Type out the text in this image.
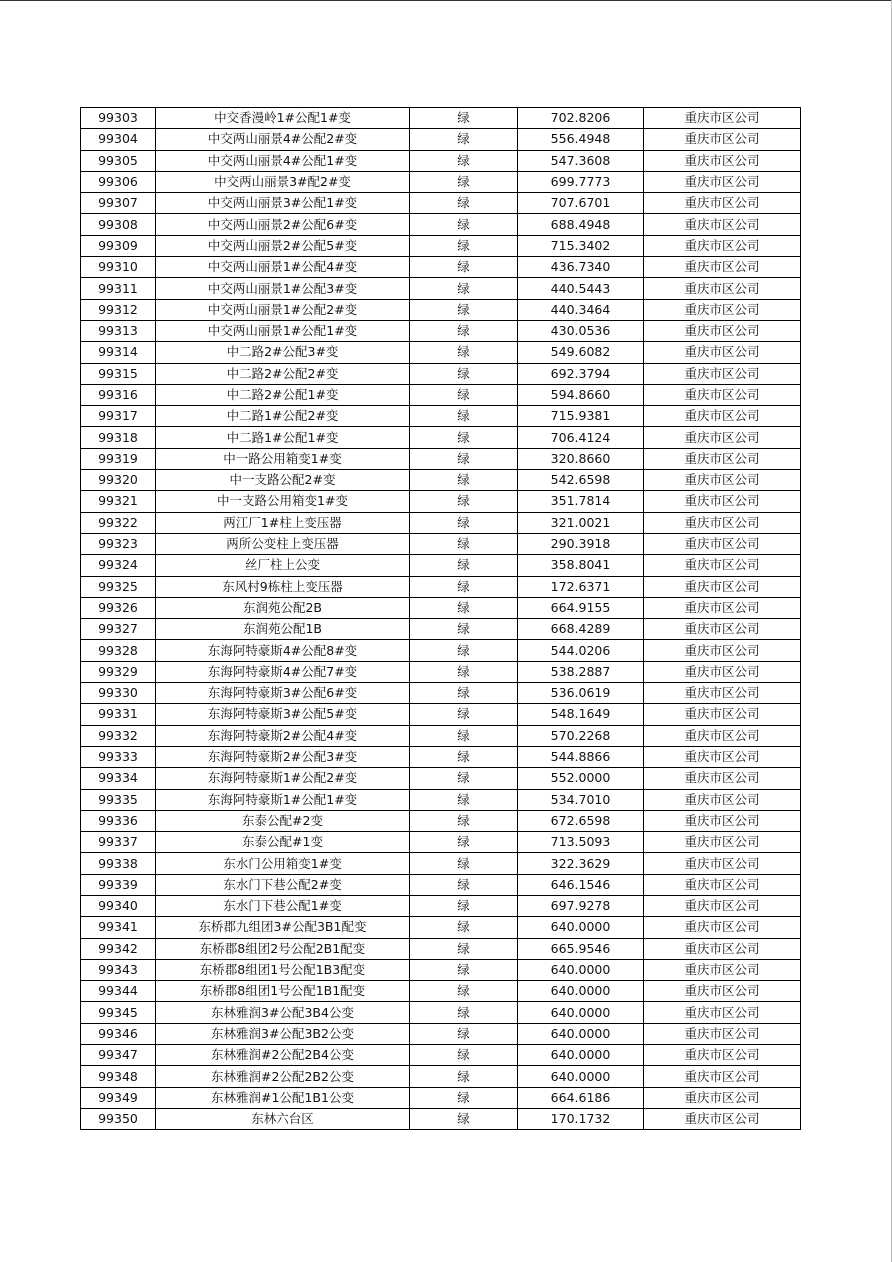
99303	中交香漫岭1#公配1#变	绿	702.8206	重庆市区公司
99304	中交两山丽景4#公配2#变	绿	556.4948	重庆市区公司
99305	中交两山丽景4#公配1#变	绿	547.3608	重庆市区公司
99306	中交两山丽景3#配2#变	绿	699.7773	重庆市区公司
99307	中交两山丽景3#公配1#变	绿	707.6701	重庆市区公司
99308	中交两山丽景2#公配6#变	绿	688.4948	重庆市区公司
99309	中交两山丽景2#公配5#变	绿	715.3402	重庆市区公司
99310	中交两山丽景1#公配4#变	绿	436.7340	重庆市区公司
99311	中交两山丽景1#公配3#变	绿	440.5443	重庆市区公司
99312	中交两山丽景1#公配2#变	绿	440.3464	重庆市区公司
99313	中交两山丽景1#公配1#变	绿	430.0536	重庆市区公司
99314	中二路2#公配3#变	绿	549.6082	重庆市区公司
99315	中二路2#公配2#变	绿	692.3794	重庆市区公司
99316	中二路2#公配1#变	绿	594.8660	重庆市区公司
99317	中二路1#公配2#变	绿	715.9381	重庆市区公司
99318	中二路1#公配1#变	绿	706.4124	重庆市区公司
99319	中一路公用箱变1#变	绿	320.8660	重庆市区公司
99320	中一支路公配2#变	绿	542.6598	重庆市区公司
99321	中一支路公用箱变1#变	绿	351.7814	重庆市区公司
99322	两江厂1#柱上变压器	绿	321.0021	重庆市区公司
99323	两所公变柱上变压器	绿	290.3918	重庆市区公司
99324	丝厂柱上公变	绿	358.8041	重庆市区公司
99325	东风村9栋柱上变压器	绿	172.6371	重庆市区公司
99326	东润苑公配2B	绿	664.9155	重庆市区公司
99327	东润苑公配1B	绿	668.4289	重庆市区公司
99328	东海阿特豪斯4#公配8#变	绿	544.0206	重庆市区公司
99329	东海阿特豪斯4#公配7#变	绿	538.2887	重庆市区公司
99330	东海阿特豪斯3#公配6#变	绿	536.0619	重庆市区公司
99331	东海阿特豪斯3#公配5#变	绿	548.1649	重庆市区公司
99332	东海阿特豪斯2#公配4#变	绿	570.2268	重庆市区公司
99333	东海阿特豪斯2#公配3#变	绿	544.8866	重庆市区公司
99334	东海阿特豪斯1#公配2#变	绿	552.0000	重庆市区公司
99335	东海阿特豪斯1#公配1#变	绿	534.7010	重庆市区公司
99336	东泰公配#2变	绿	672.6598	重庆市区公司
99337	东泰公配#1变	绿	713.5093	重庆市区公司
99338	东水门公用箱变1#变	绿	322.3629	重庆市区公司
99339	东水门下巷公配2#变	绿	646.1546	重庆市区公司
99340	东水门下巷公配1#变	绿	697.9278	重庆市区公司
99341	东桥郡九组团3#公配3B1配变	绿	640.0000	重庆市区公司
99342	东桥郡8组团2号公配2B1配变	绿	665.9546	重庆市区公司
99343	东桥郡8组团1号公配1B3配变	绿	640.0000	重庆市区公司
99344	东桥郡8组团1号公配1B1配变	绿	640.0000	重庆市区公司
99345	东林雅润3#公配3B4公变	绿	640.0000	重庆市区公司
99346	东林雅润3#公配3B2公变	绿	640.0000	重庆市区公司
99347	东林雅润#2公配2B4公变	绿	640.0000	重庆市区公司
99348	东林雅润#2公配2B2公变	绿	640.0000	重庆市区公司
99349	东林雅润#1公配1B1公变	绿	664.6186	重庆市区公司
99350	东林六台区	绿	170.1732	重庆市区公司
